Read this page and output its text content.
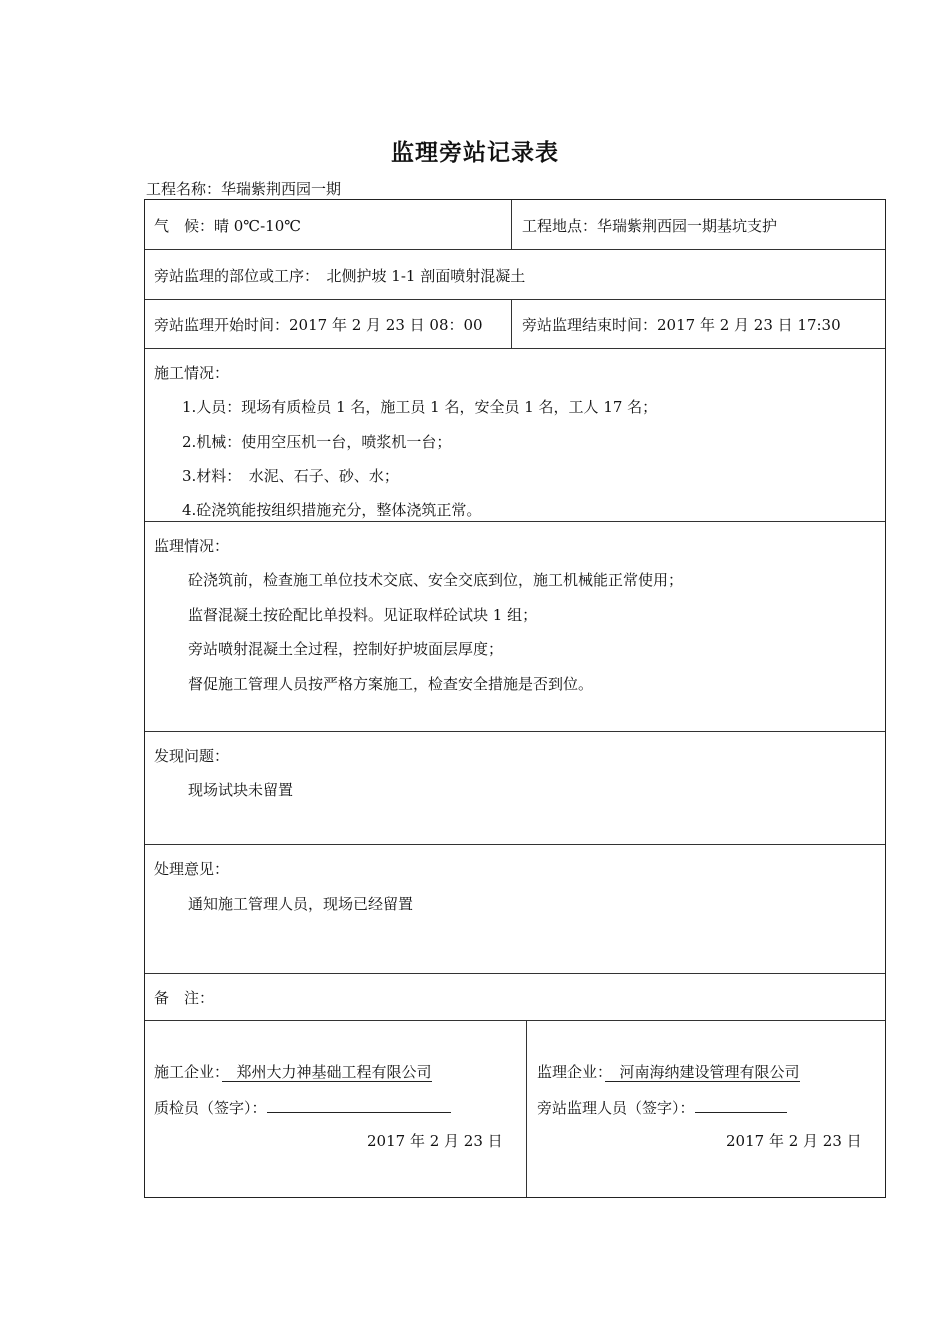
监理旁站记录表
工程名称：华瑞紫荆西园一期
气　候：晴 0℃-10℃	工程地点：华瑞紫荆西园一期基坑支护
旁站监理的部位或工序：　北侧护坡 1-1 剖面喷射混凝土
旁站监理开始时间：2017 年 2 月 23 日 08：00	旁站监理结束时间：2017 年 2 月 23 日 17:30
施工情况：
1.人员：现场有质检员 1 名，施工员 1 名，安全员 1 名，工人 17 名；
2.机械：使用空压机一台，喷浆机一台；
3.材料：　水泥、石子、砂、水；
4.砼浇筑能按组织措施充分，整体浇筑正常。
监理情况：
砼浇筑前，检查施工单位技术交底、安全交底到位，施工机械能正常使用；
监督混凝土按砼配比单投料。见证取样砼试块 1 组；
旁站喷射混凝土全过程，控制好护坡面层厚度；
督促施工管理人员按严格方案施工，检查安全措施是否到位。
发现问题：
现场试块未留置
处理意见：
通知施工管理人员，现场已经留置
备　注：
施工企业：　郑州大力神基础工程有限公司
质检员（签字）：
2017 年 2 月 23 日
监理企业：　河南海纳建设管理有限公司
旁站监理人员（签字）：
2017 年 2 月 23 日
